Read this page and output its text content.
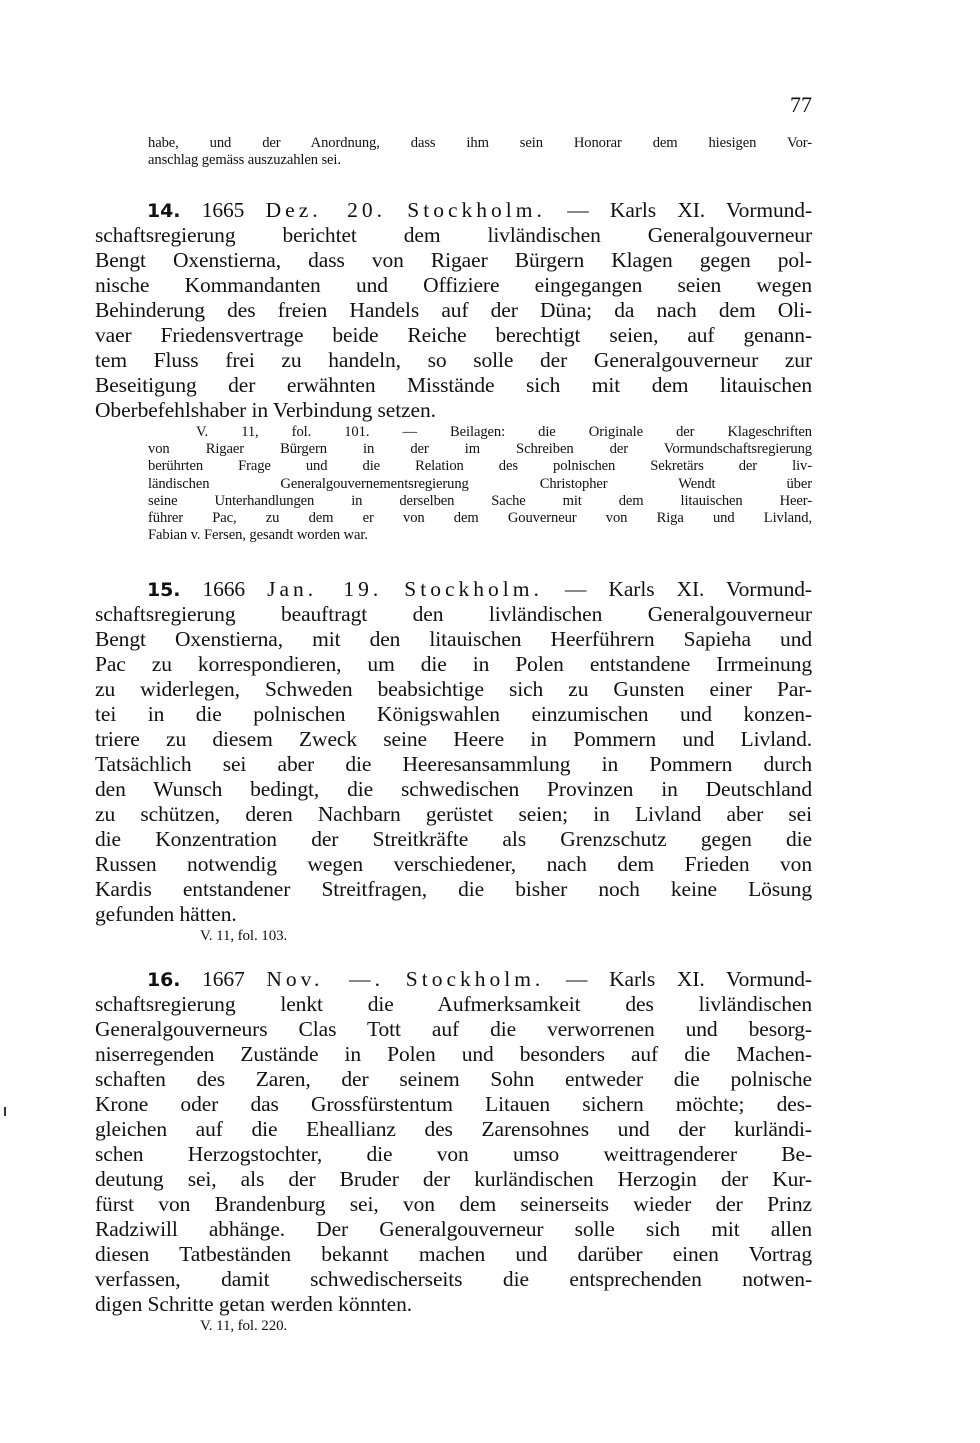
77
habe, und der Anordnung, dass ihm sein Honorar dem hiesigen Vor-
anschlag gemäss auszuzahlen sei.
14. 1665 Dez. 20. Stockholm. — Karls XI. Vormund-
schaftsregierung berichtet dem livländischen Generalgouverneur
Bengt Oxenstierna, dass von Rigaer Bürgern Klagen gegen pol-
nische Kommandanten und Offiziere eingegangen seien wegen
Behinderung des freien Handels auf der Düna; da nach dem Oli-
vaer Friedensvertrage beide Reiche berechtigt seien, auf genann-
tem Fluss frei zu handeln, so solle der Generalgouverneur zur
Beseitigung der erwähnten Misstände sich mit dem litauischen
Oberbefehlshaber in Verbindung setzen.
V. 11, fol. 101. — Beilagen: die Originale der Klageschriften
von Rigaer Bürgern in der im Schreiben der Vormundschaftsregierung
berührten Frage und die Relation des polnischen Sekretärs der liv-
ländischen Generalgouvernementsregierung Christopher Wendt über
seine Unterhandlungen in derselben Sache mit dem litauischen Heer-
führer Pac, zu dem er von dem Gouverneur von Riga und Livland,
Fabian v. Fersen, gesandt worden war.
15. 1666 Jan. 19. Stockholm. — Karls XI. Vormund-
schaftsregierung beauftragt den livländischen Generalgouverneur
Bengt Oxenstierna, mit den litauischen Heerführern Sapieha und
Pac zu korrespondieren, um die in Polen entstandene Irrmeinung
zu widerlegen, Schweden beabsichtige sich zu Gunsten einer Par-
tei in die polnischen Königswahlen einzumischen und konzen-
triere zu diesem Zweck seine Heere in Pommern und Livland.
Tatsächlich sei aber die Heeresansammlung in Pommern durch
den Wunsch bedingt, die schwedischen Provinzen in Deutschland
zu schützen, deren Nachbarn gerüstet seien; in Livland aber sei
die Konzentration der Streitkräfte als Grenzschutz gegen die
Russen notwendig wegen verschiedener, nach dem Frieden von
Kardis entstandener Streitfragen, die bisher noch keine Lösung
gefunden hätten.
V. 11, fol. 103.
16. 1667 Nov. —. Stockholm. — Karls XI. Vormund-
schaftsregierung lenkt die Aufmerksamkeit des livländischen
Generalgouverneurs Clas Tott auf die verworrenen und besorg-
niserregenden Zustände in Polen und besonders auf die Machen-
schaften des Zaren, der seinem Sohn entweder die polnische
Krone oder das Grossfürstentum Litauen sichern möchte; des-
gleichen auf die Eheallianz des Zarensohnes und der kurländi-
schen Herzogstochter, die von umso weittragenderer Be-
deutung sei, als der Bruder der kurländischen Herzogin der Kur-
fürst von Brandenburg sei, von dem seinerseits wieder der Prinz
Radziwill abhänge. Der Generalgouverneur solle sich mit allen
diesen Tatbeständen bekannt machen und darüber einen Vortrag
verfassen, damit schwedischerseits die entsprechenden notwen-
digen Schritte getan werden könnten.
V. 11, fol. 220.
